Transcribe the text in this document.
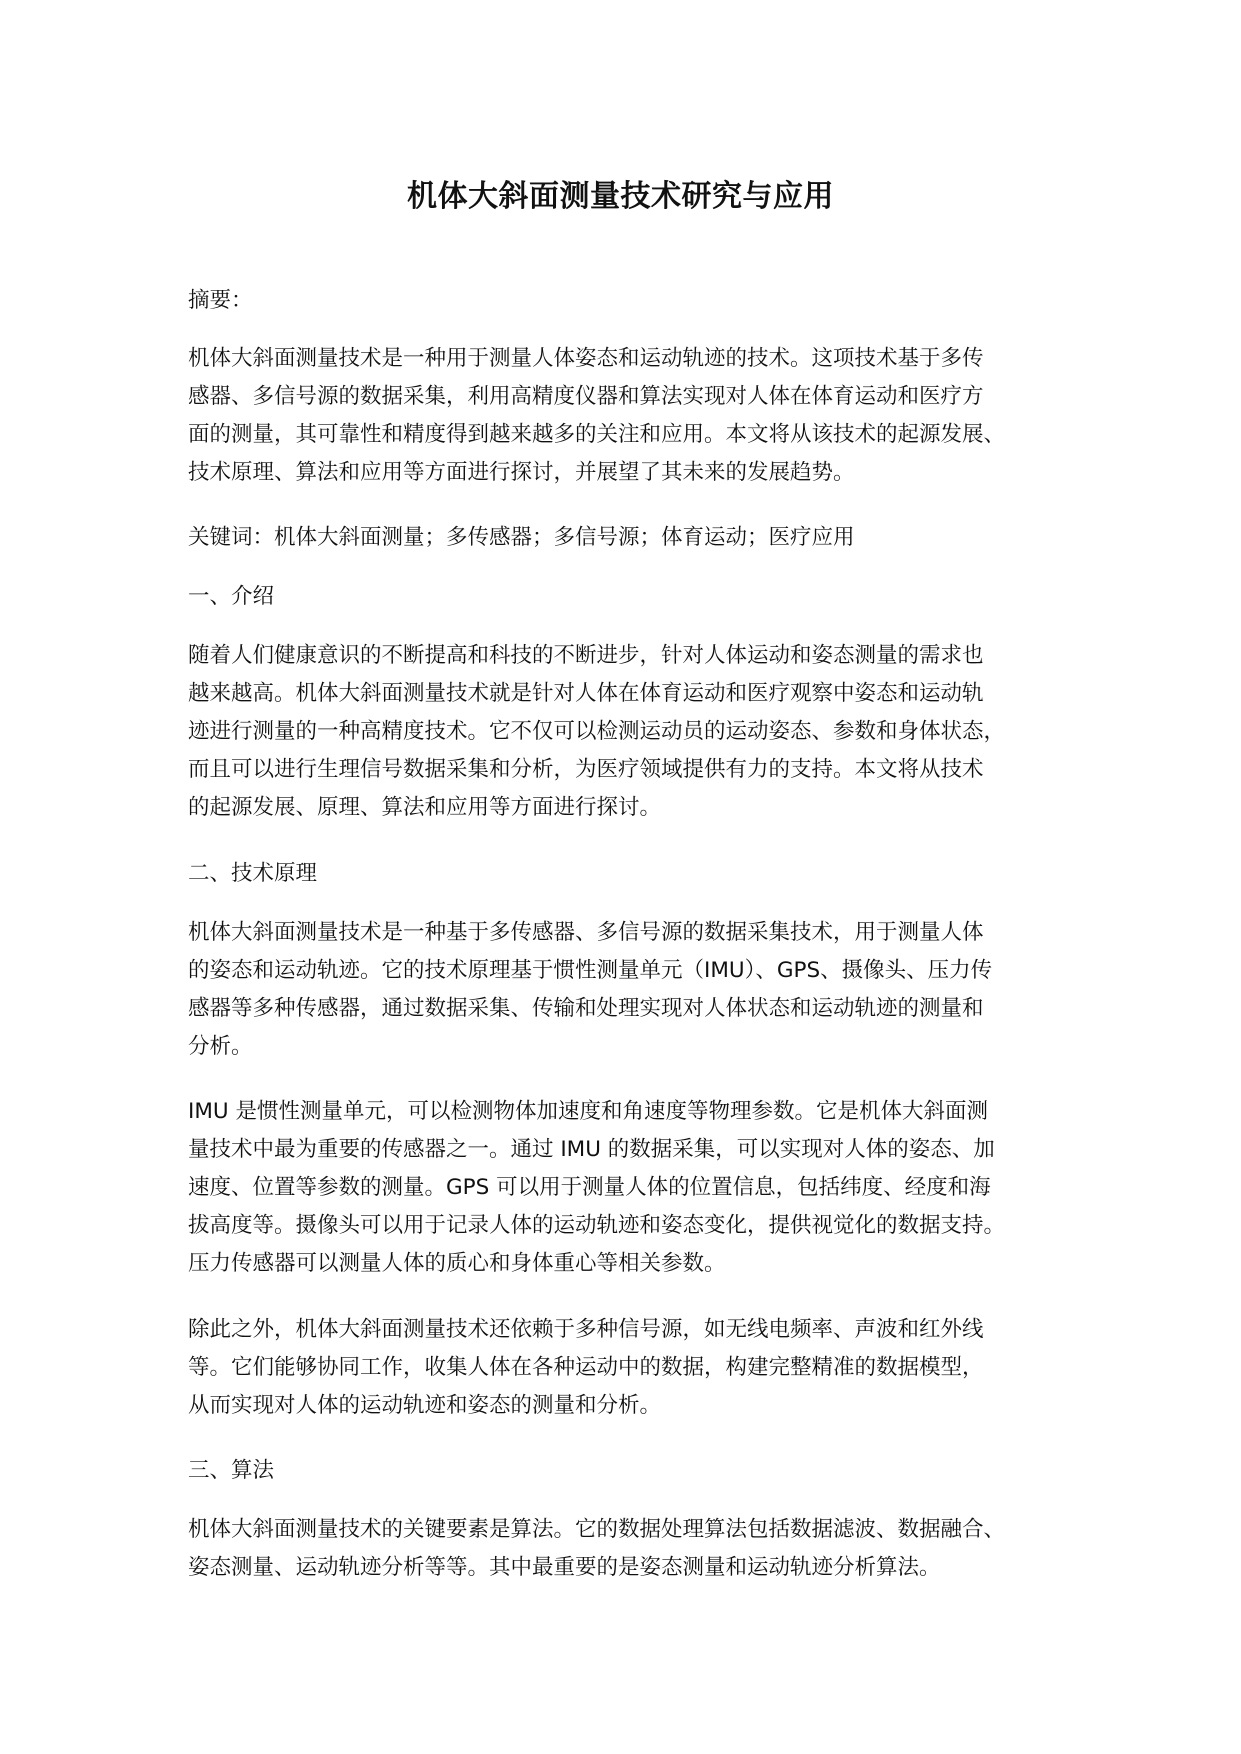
机体大斜面测量技术研究与应用

摘要：

机体大斜面测量技术是一种用于测量人体姿态和运动轨迹的技术。这项技术基于多传
感器、多信号源的数据采集，利用高精度仪器和算法实现对人体在体育运动和医疗方
面的测量，其可靠性和精度得到越来越多的关注和应用。本文将从该技术的起源发展、
技术原理、算法和应用等方面进行探讨，并展望了其未来的发展趋势。

关键词：机体大斜面测量；多传感器；多信号源；体育运动；医疗应用

一、介绍

随着人们健康意识的不断提高和科技的不断进步，针对人体运动和姿态测量的需求也
越来越高。机体大斜面测量技术就是针对人体在体育运动和医疗观察中姿态和运动轨
迹进行测量的一种高精度技术。它不仅可以检测运动员的运动姿态、参数和身体状态，
而且可以进行生理信号数据采集和分析，为医疗领域提供有力的支持。本文将从技术
的起源发展、原理、算法和应用等方面进行探讨。

二、技术原理

机体大斜面测量技术是一种基于多传感器、多信号源的数据采集技术，用于测量人体
的姿态和运动轨迹。它的技术原理基于惯性测量单元（IMU）、GPS、摄像头、压力传
感器等多种传感器，通过数据采集、传输和处理实现对人体状态和运动轨迹的测量和
分析。

IMU 是惯性测量单元，可以检测物体加速度和角速度等物理参数。它是机体大斜面测
量技术中最为重要的传感器之一。通过 IMU 的数据采集，可以实现对人体的姿态、加
速度、位置等参数的测量。GPS 可以用于测量人体的位置信息，包括纬度、经度和海
拔高度等。摄像头可以用于记录人体的运动轨迹和姿态变化，提供视觉化的数据支持。
压力传感器可以测量人体的质心和身体重心等相关参数。

除此之外，机体大斜面测量技术还依赖于多种信号源，如无线电频率、声波和红外线
等。它们能够协同工作，收集人体在各种运动中的数据，构建完整精准的数据模型，
从而实现对人体的运动轨迹和姿态的测量和分析。

三、算法

机体大斜面测量技术的关键要素是算法。它的数据处理算法包括数据滤波、数据融合、
姿态测量、运动轨迹分析等等。其中最重要的是姿态测量和运动轨迹分析算法。
